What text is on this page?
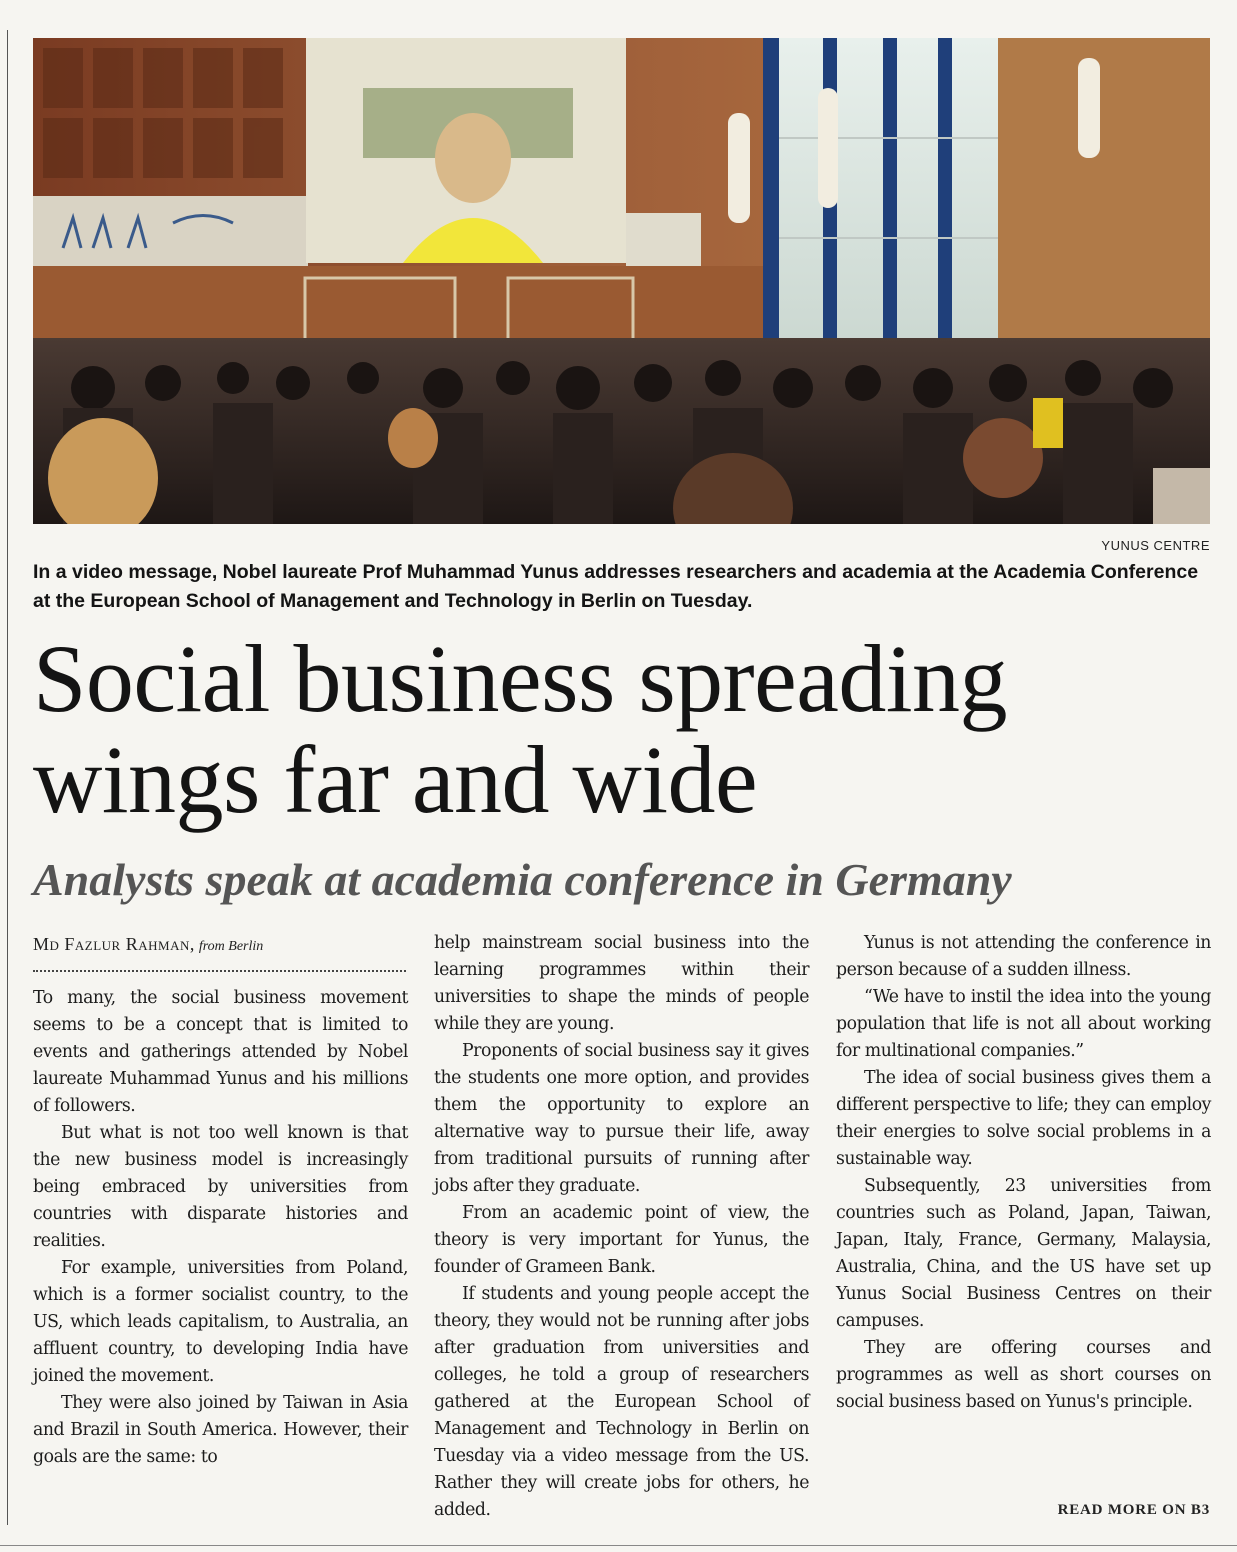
YUNUS CENTRE
In a video message, Nobel laureate Prof Muhammad Yunus addresses researchers and academia at the Academia Conference at the European School of Management and Technology in Berlin on Tuesday.
Social business spreading
wings far and wide
Analysts speak at academia conference in Germany
Md Fazlur Rahman, from Berlin

To many, the social business movement seems to be a concept that is limited to events and gatherings attended by Nobel laureate Muhammad Yunus and his millions of followers.

But what is not too well known is that the new business model is increasingly being embraced by universities from countries with disparate histories and realities.

For example, universities from Poland, which is a former socialist country, to the US, which leads capitalism, to Australia, an affluent country, to developing India have joined the movement.

They were also joined by Taiwan in Asia and Brazil in South America. However, their goals are the same: to

help mainstream social business into the learning programmes within their universities to shape the minds of people while they are young.

Proponents of social business say it gives the students one more option, and provides them the opportunity to explore an alternative way to pursue their life, away from traditional pursuits of running after jobs after they graduate.

From an academic point of view, the theory is very important for Yunus, the founder of Grameen Bank.

If students and young people accept the theory, they would not be running after jobs after graduation from universities and colleges, he told a group of researchers gathered at the European School of Management and Technology in Berlin on Tuesday via a video message from the US. Rather they will create jobs for others, he added.

Yunus is not attending the conference in person because of a sudden illness.

“We have to instil the idea into the young population that life is not all about working for multinational companies.”

The idea of social business gives them a different perspective to life; they can employ their energies to solve social problems in a sustainable way.

Subsequently, 23 universities from countries such as Poland, Japan, Taiwan, Japan, Italy, France, Germany, Malaysia, Australia, China, and the US have set up Yunus Social Business Centres on their campuses.

They are offering courses and programmes as well as short courses on social business based on Yunus's principle.

READ MORE ON B3
